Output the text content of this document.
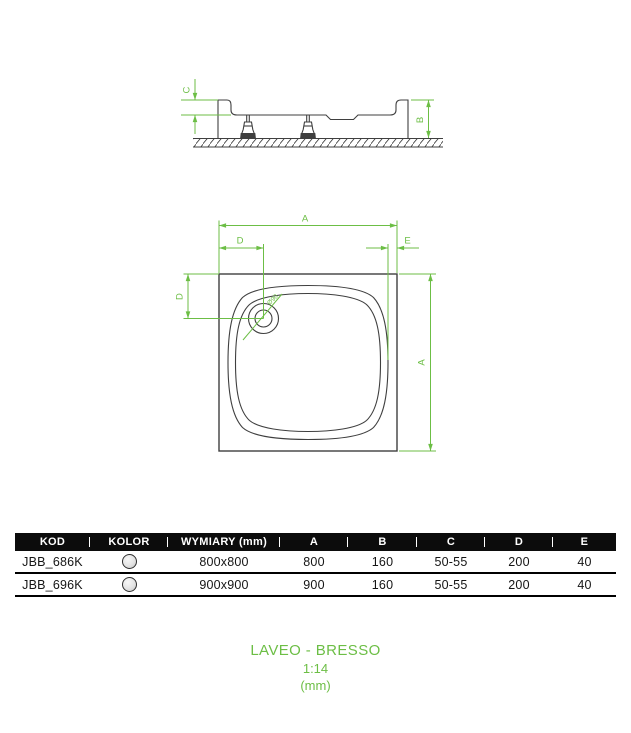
C
B
Ø90
A
D	E
D
A
KOD	KOLOR	WYMIARY (mm)	A	B	C	D	E
JBB_686K		800x800	800	160	50-55	200	40
JBB_696K		900x900	900	160	50-55	200	40
LAVEO - BRESSO
1:14
(mm)
